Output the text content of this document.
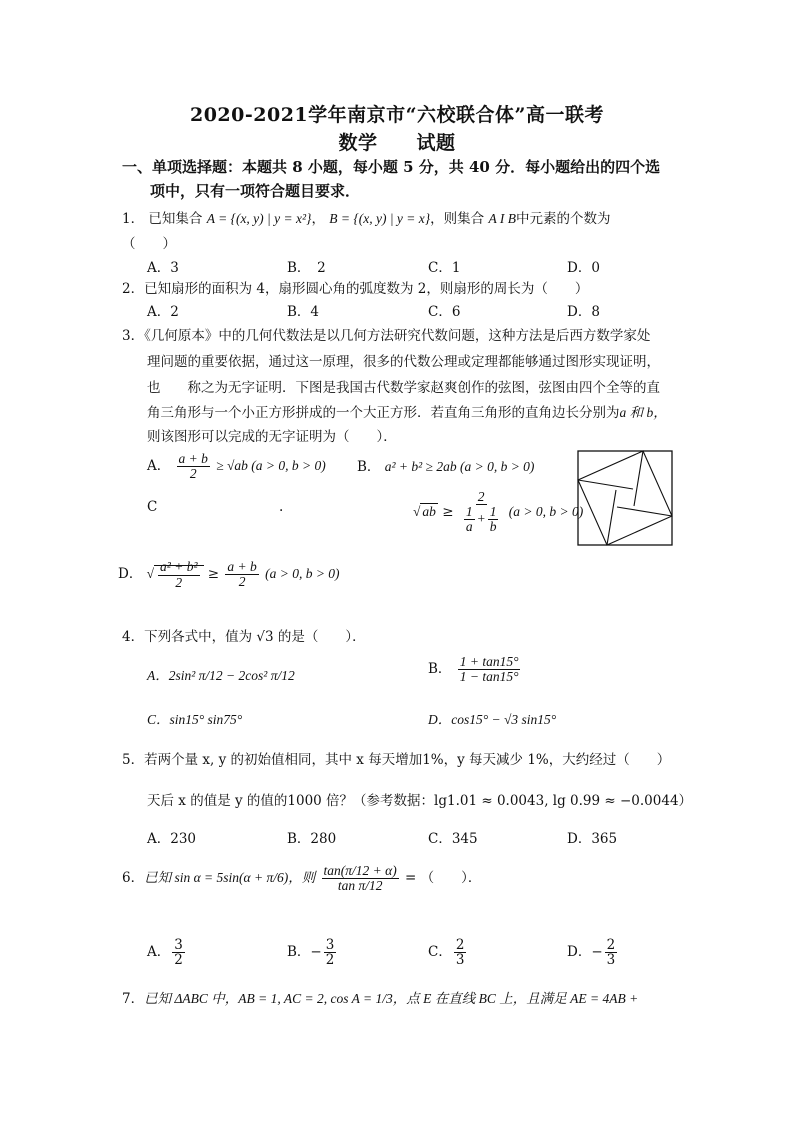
2020-2021学年南京市“六校联合体”高一联考
数学　　试题
一、单项选择题：本题共 8 小题，每小题 5 分，共 40 分．每小题给出的四个选
项中，只有一项符合题目要求．
1． 已知集合 A = {(x, y) | y = x²}， B = {(x, y) | y = x}，则集合 A I B中元素的个数为
（　　）
A．3	B．　2	C．1	D．0
2．已知扇形的面积为 4，扇形圆心角的弧度数为 2，则扇形的周长为（　　）
A．2	B．4	C．6	D．8
3．《几何原本》中的几何代数法是以几何方法研究代数问题，这种方法是后西方数学家处
理问题的重要依据，通过这一原理，很多的代数公理或定理都能够通过图形实现证明，
也　　称之为无字证明．下图是我国古代数学家赵爽创作的弦图，弦图由四个全等的直
角三角形与一个小正方形拼成的一个大正方形．若直角三角形的直角边长分别为a 和 b，
则该图形可以完成的无字证明为（　　）．
A． $\frac{a + b}{2} \ge √ab$ (a > 0, b > 0) B． a² + b² ≥ 2ab (a > 0, b > 0)
C	.	√ ab ≥ $\frac{2}{\frac{1}{a} + \frac{1}{b}} (a > 0$, b > 0)
D． √ $\frac{\text{a² + b²}}{2} \ge \frac{a + b}{2} (a > 0$, b > 0)
4．下列各式中，值为 √3 的是（　　）．
A．2sin² π/12 − 2cos² π/12	B． $\frac{1 + \tan 15^\circ}{1 - \tan 15^\circ}$
C．sin15° sin75°	D．cos15° − √3 sin15°
5．若两个量 x, y 的初始值相同，其中 x 每天增加1%，y 每天减少 1%，大约经过（　　）
天后 x 的值是 y 的值的1000 倍？（参考数据：lg1.01 ≈ 0.0043, lg 0.99 ≈ −0.0044）
A．230	B．280	C．345	D．365
6．已知 sin α = 5sin(α + π/6)，则 $\frac{\tan(\pi/12 + \alpha)}{\text{tan π/12}}$ = （　　）．
A． $\frac{3}{2}$	B．− $\frac{3}{2}$	C． $\frac{2}{3}$	D．− $\frac{2}{3}$
7．已知 ΔABC 中，AB = 1, AC = 2, cos A = 1/3，点 E 在直线 BC 上，且满足 AE = 4AB +
